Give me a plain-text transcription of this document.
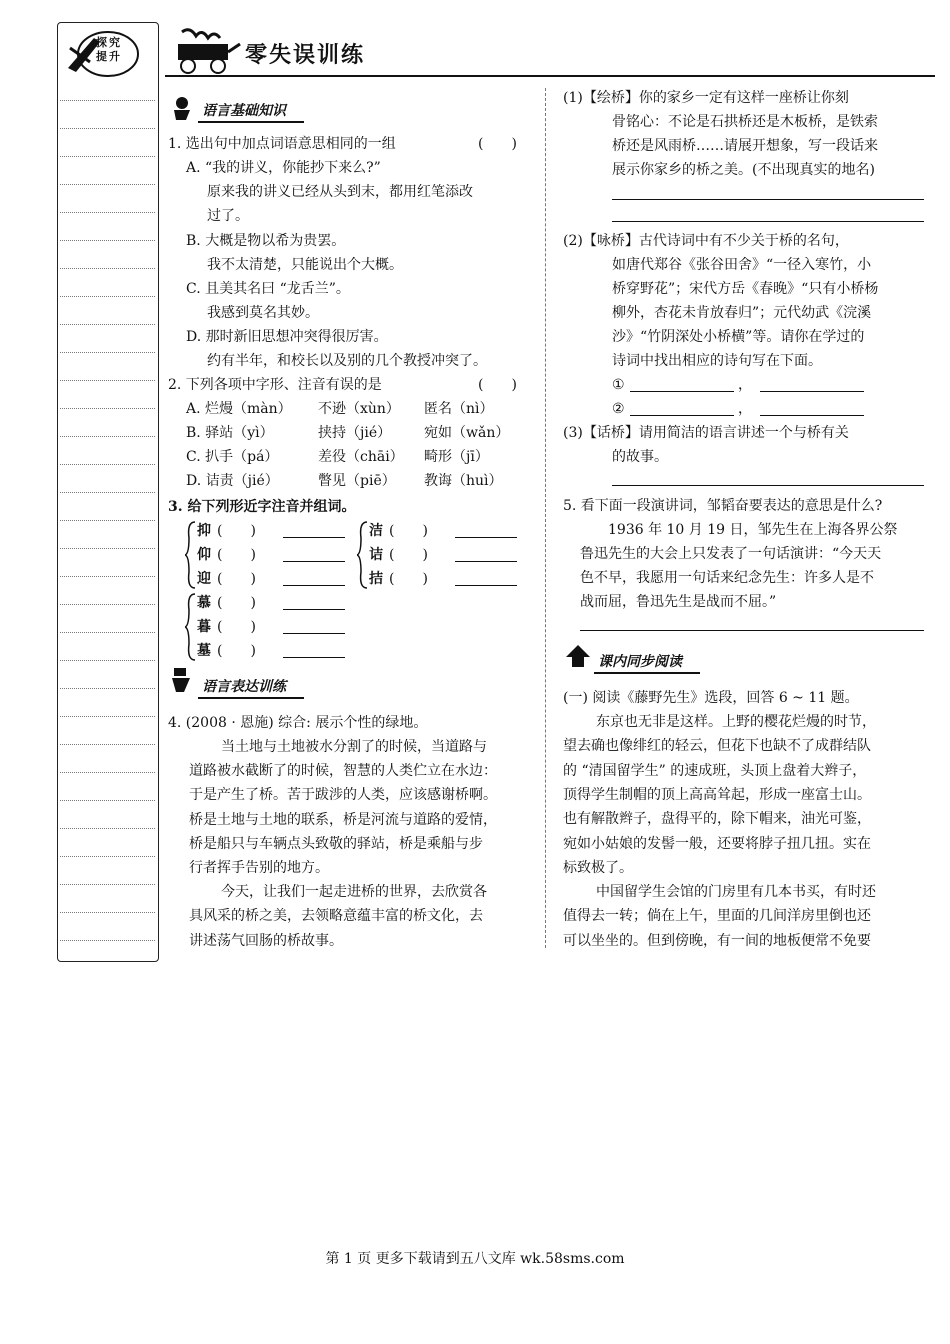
探究提升	零失误训练
语言基础知识
1. 选出句中加点词语意思相同的一组	(　　)
A. “我的讲义，你能抄下来么?”
原来我的讲义已经从头到末，都用红笔添改
过了。
B. 大概是物以希为贵罢。
我不太清楚，只能说出个大概。
C. 且美其名曰 “龙舌兰”。
我感到莫名其妙。
D. 那时新旧思想冲突得很厉害。
约有半年，和校长以及别的几个教授冲突了。
2. 下列各项中字形、注音有误的是	(　　)
A. 烂熳（màn） 不逊（xùn） 匿名（nì）
B. 驿站（yì）	挟持（jié） 宛如（wǎn）
C. 扒手（pá）	差役（chāi） 畸形（jī）
D. 诘责（jié）	瞥见（piē） 教诲（huì）
3. 给下列形近字注音并组词。
抑 (　　)
仰 (　　)
迎 (　　)
洁 (　　)
诘 (　　)
拮 (　　)
慕 (　　)
暮 (　　)
墓 (　　)
语言表达训练
4. (2008 · 恩施) 综合: 展示个性的绿地。
当土地与土地被水分割了的时候，当道路与
道路被水截断了的时候，智慧的人类伫立在水边：
于是产生了桥。苦于跋涉的人类，应该感谢桥啊。
桥是土地与土地的联系，桥是河流与道路的爱情，
桥是船只与车辆点头致敬的驿站，桥是乘船与步
行者挥手告别的地方。
今天，让我们一起走进桥的世界，去欣赏各
具风采的桥之美，去领略意蕴丰富的桥文化，去
讲述荡气回肠的桥故事。
(1)【绘桥】你的家乡一定有这样一座桥让你刻
骨铭心：不论是石拱桥还是木板桥，是铁索
桥还是风雨桥……请展开想象，写一段话来
展示你家乡的桥之美。(不出现真实的地名)
(2)【咏桥】古代诗词中有不少关于桥的名句，
如唐代郑谷《张谷田舍》“一径入寒竹，小
桥穿野花”；宋代方岳《春晚》“只有小桥杨
柳外，杏花未肯放春归”；元代幼武《浣溪
沙》“竹阴深处小桥横”等。请你在学过的
诗词中找出相应的诗句写在下面。
①	，
②	，
(3)【话桥】请用简洁的语言讲述一个与桥有关
的故事。
5. 看下面一段演讲词，邹韬奋要表达的意思是什么?
1936 年 10 月 19 日，邹先生在上海各界公祭
鲁迅先生的大会上只发表了一句话演讲：“今天天
色不早，我愿用一句话来纪念先生：许多人是不
战而屈，鲁迅先生是战而不屈。”
课内同步阅读
(一) 阅读《藤野先生》选段，回答 6 ~ 11 题。
东京也无非是这样。上野的樱花烂熳的时节，
望去确也像绯红的轻云，但花下也缺不了成群结队
的 “清国留学生” 的速成班，头顶上盘着大辫子，
顶得学生制帽的顶上高高耸起，形成一座富士山。
也有解散辫子，盘得平的，除下帽来，油光可鉴，
宛如小姑娘的发髻一般，还要将脖子扭几扭。实在
标致极了。
中国留学生会馆的门房里有几本书买，有时还
值得去一转；倘在上午，里面的几间洋房里倒也还
可以坐坐的。但到傍晚，有一间的地板便常不免要
第 1 页 更多下载请到五八文库 wk.58sms.com
